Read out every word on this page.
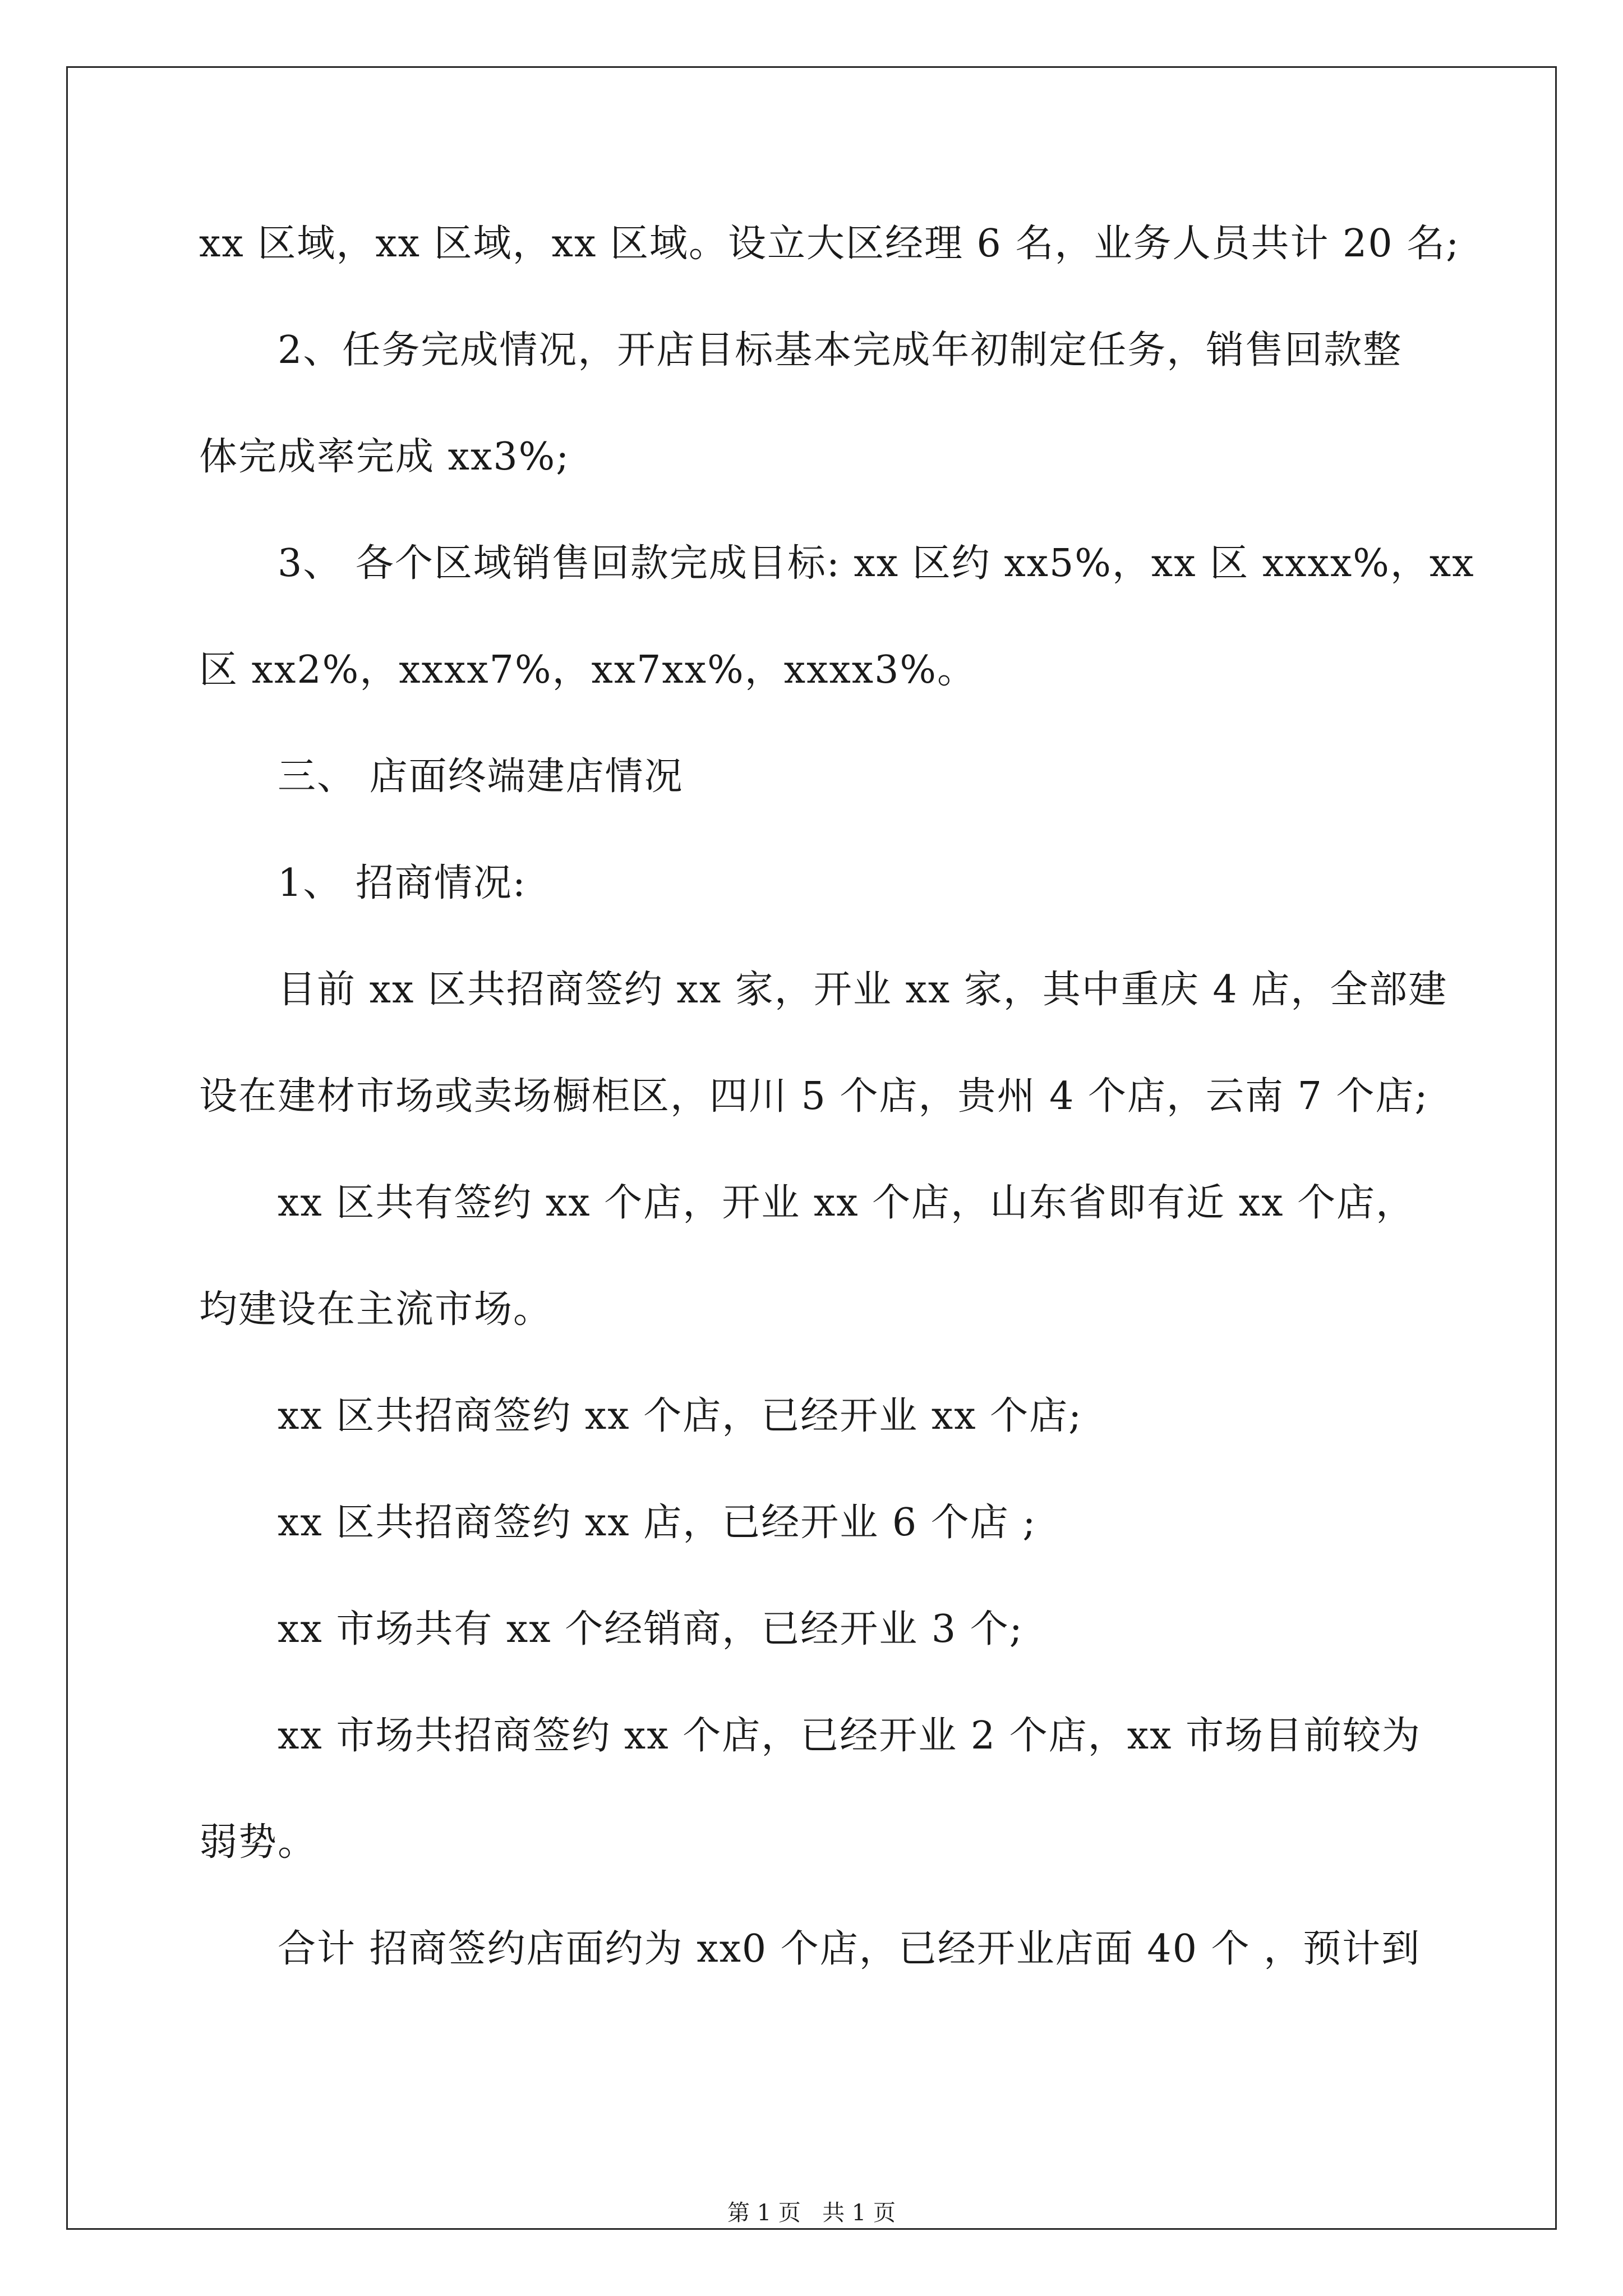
xx 区域，xx 区域，xx 区域。设立大区经理 6 名，业务人员共计 20 名;
2、任务完成情况，开店目标基本完成年初制定任务，销售回款整
体完成率完成 xx3%;
3、 各个区域销售回款完成目标: xx 区约 xx5%，xx 区 xxxx%，xx
区 xx2%，xxxx7%，xx7xx%，xxxx3%。
三、 店面终端建店情况
1、 招商情况:
目前 xx 区共招商签约 xx 家，开业 xx 家，其中重庆 4 店，全部建
设在建材市场或卖场橱柜区，四川 5 个店，贵州 4 个店，云南 7 个店;
xx 区共有签约 xx 个店，开业 xx 个店，山东省即有近 xx 个店，
均建设在主流市场。
xx 区共招商签约 xx 个店，已经开业 xx 个店;
xx 区共招商签约 xx 店，已经开业 6 个店 ;
xx 市场共有 xx 个经销商，已经开业 3 个;
xx 市场共招商签约 xx 个店，已经开业 2 个店，xx 市场目前较为
弱势。
合计 招商签约店面约为 xx0 个店，已经开业店面 40 个 ，预计到
第 1 页   共 1 页
